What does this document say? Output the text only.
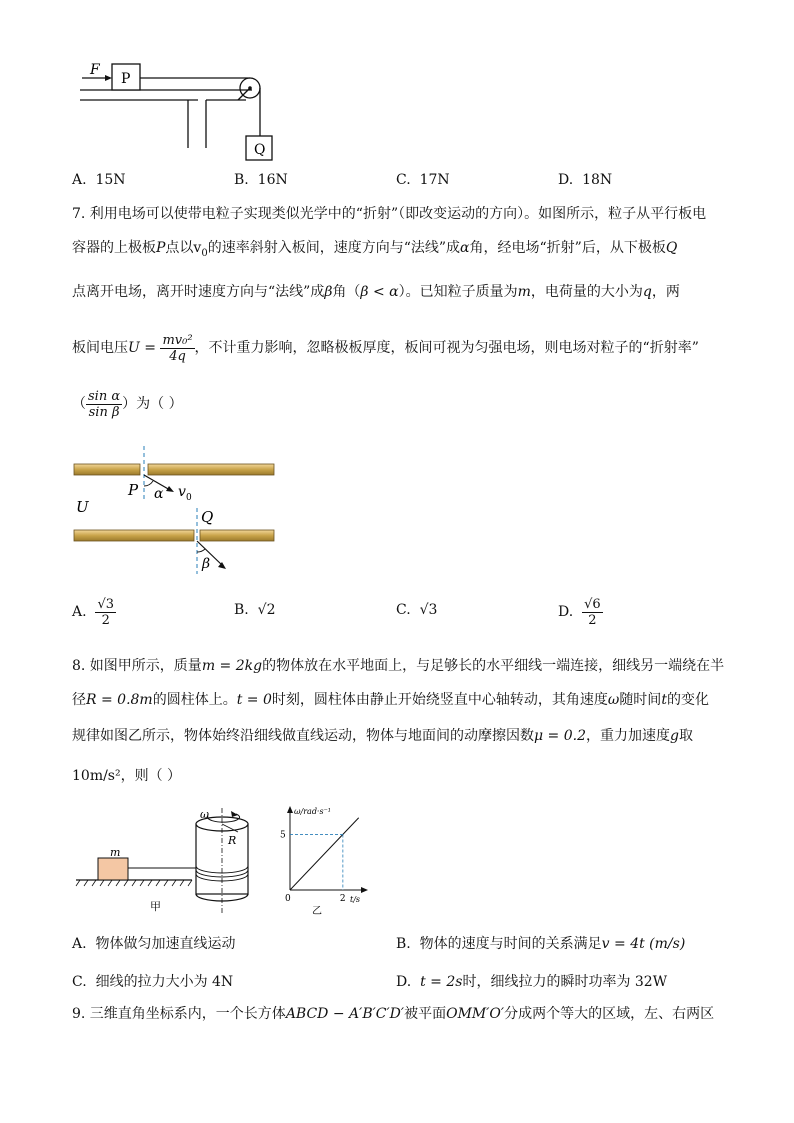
F
P
Q
A. 15N	B. 16N	C. 17N	D. 18N
7. 利用电场可以使带电粒子实现类似光学中的“折射”（即改变运动的方向）。如图所示，粒子从平行板电
容器的上极板P点以$v_0$的速率斜射入板间，速度方向与“法线”成α角，经电场“折射”后，从下极板Q
点离开电场，离开时速度方向与“法线”成β角（β < α）。已知粒子质量为m，电荷量的大小为q，两
板间电压$U = \frac{\text{mv₀²}}{4q}$ ，不计重力影响，忽略极板厚度，板间可视为匀强电场，则电场对粒子的“折射率”
（ $\frac{\text{sin α}}{\text{sin β}}$ ）为（ ）
P α v 0
U
Q
β
A. $\frac{√3}{2}$	B. √2	C. √3	D. $\frac{√6}{2}$
8. 如图甲所示，质量m = 2kg的物体放在水平地面上，与足够长的水平细线一端连接，细线另一端绕在半
径R = 0.8m的圆柱体上。t = 0时刻，圆柱体由静止开始绕竖直中心轴转动，其角速度ω随时间t的变化
规律如图乙所示，物体始终沿细线做直线运动，物体与地面间的动摩擦因数μ = 0.2，重力加速度g取
10m/s²，则（ ）
m
ω
R
甲
ω/rad·s⁻¹
t/s
0
5
2
乙
A. 物体做匀加速直线运动	B. 物体的速度与时间的关系满足v = 4t (m/s)
C. 细线的拉力大小为 4N	D. t = 2s时，细线拉力的瞬时功率为 32W
9. 三维直角坐标系内，一个长方体ABCD − A′B′C′D′被平面OMM′O′分成两个等大的区域，左、右两区
